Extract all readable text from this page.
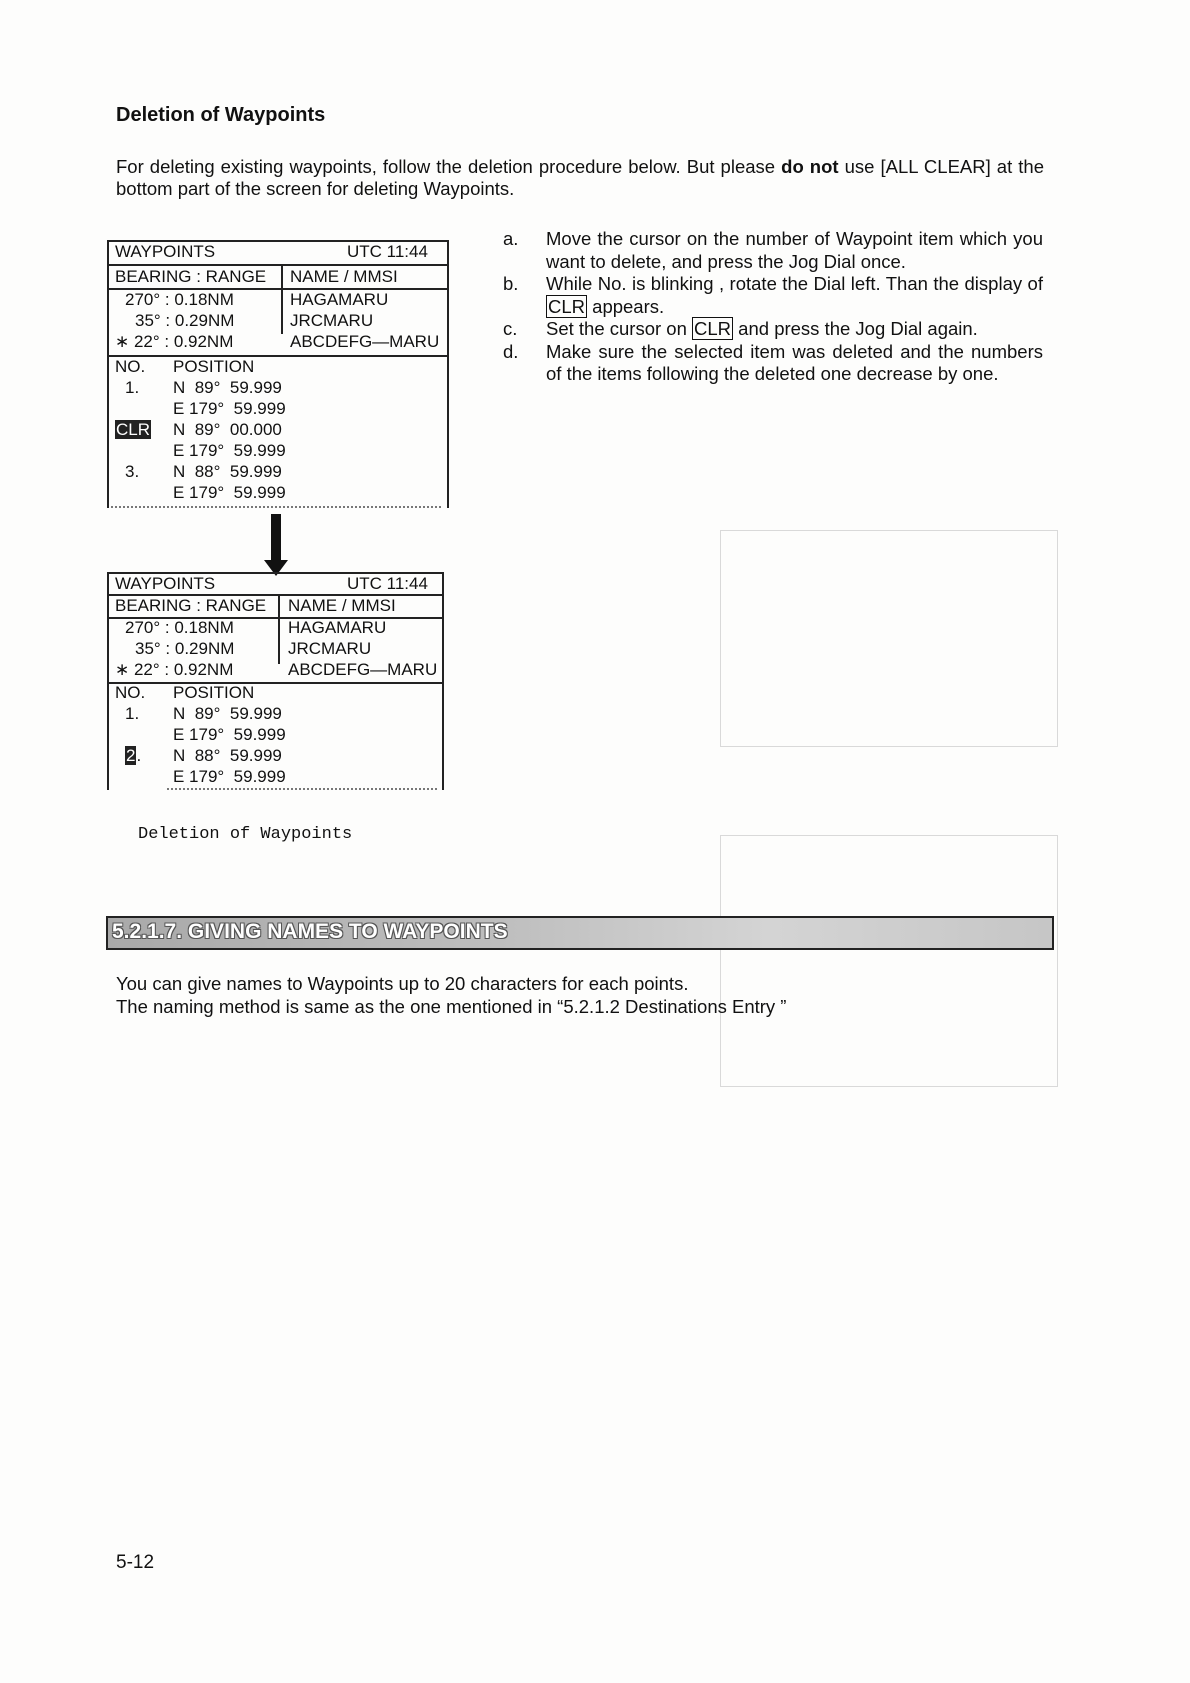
Deletion of Waypoints
For deleting existing waypoints, follow the deletion procedure below. But please do not use [ALL CLEAR] at the bottom part of the screen for deleting Waypoints.
WAYPOINTS	UTC 11:44
BEARING : RANGE NAME / MMSI
270° : 0.18NM
35° : 0.29NM
∗ 22° : 0.92NM
HAGAMARU
JRCMARU
ABCDEFG—MARU
NO. POSITION
1. N  89°  59.999
E 179°  59.999
CLR N  89°  00.000
E 179°  59.999
3. N  88°  59.999
E 179°  59.999
WAYPOINTS	UTC 11:44
BEARING : RANGE NAME / MMSI
270° : 0.18NM
35° : 0.29NM
∗ 22° : 0.92NM
HAGAMARU
JRCMARU
ABCDEFG—MARU
NO. POSITION
1. N  89°  59.999
E 179°  59.999
2. N  88°  59.999
E 179°  59.999
a. Move the cursor on the number of Waypoint item which you want to delete, and press the Jog Dial once.
b. While No. is blinking , rotate the Dial left. Than the display of CLR appears.
c. Set the cursor on CLR and press the Jog Dial again.
d. Make sure the selected item was deleted and the numbers of the items following the deleted one decrease by one.
Deletion of Waypoints
5.2.1.7. GIVING NAMES TO WAYPOINTS
You can give names to Waypoints up to 20 characters for each points.
The naming method is same as the one mentioned in “5.2.1.2 Destinations Entry ”
5-12
